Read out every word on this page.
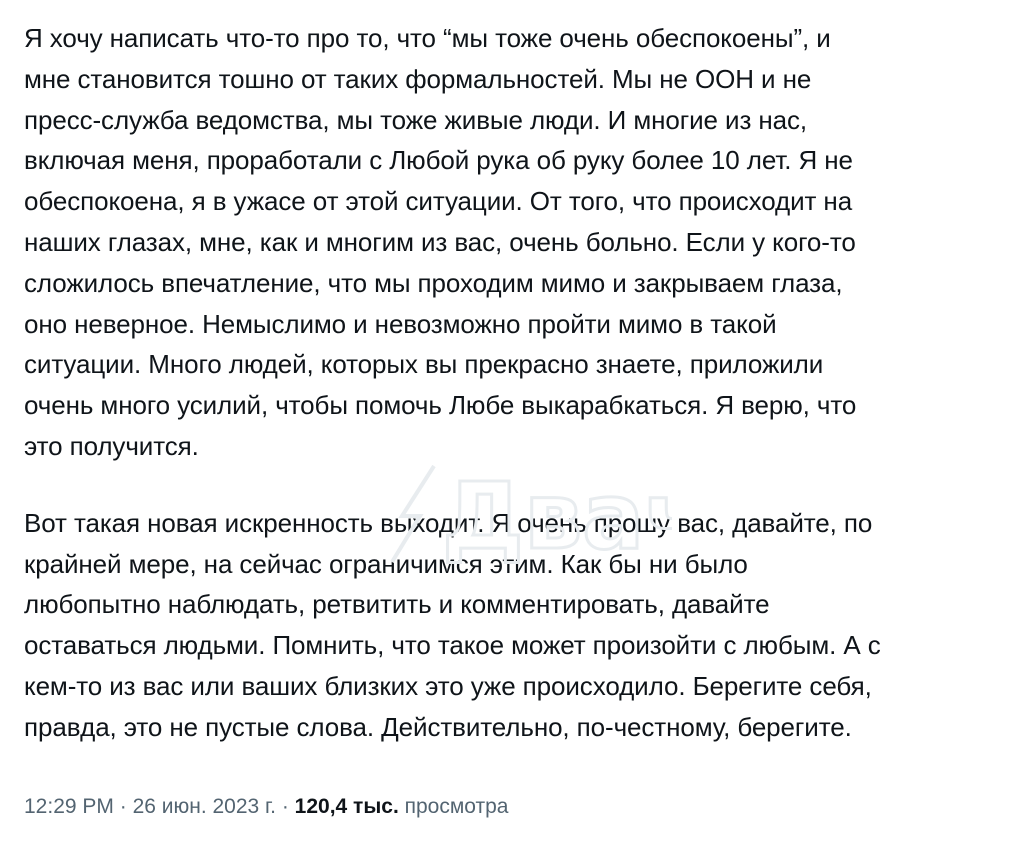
Я хочу написать что-то про то, что “мы тоже очень обеспокоены”, и
мне становится тошно от таких формальностей. Мы не ООН и не
пресс-служба ведомства, мы тоже живые люди. И многие из нас,
включая меня, проработали с Любой рука об руку более 10 лет. Я не
обеспокоена, я в ужасе от этой ситуации. От того, что происходит на
наших глазах, мне, как и многим из вас, очень больно. Если у кого-то
сложилось впечатление, что мы проходим мимо и закрываем глаза,
оно неверное. Немыслимо и невозможно пройти мимо в такой
ситуации. Много людей, которых вы прекрасно знаете, приложили
очень много усилий, чтобы помочь Любе выкарабкаться. Я верю, что
это получится.

Вот такая новая искренность выходит. Я очень прошу вас, давайте, по
крайней мере, на сейчас ограничимся этим. Как бы ни было
любопытно наблюдать, ретвитить и комментировать, давайте
оставаться людьми. Помнить, что такое может произойти с любым. А с
кем-то из вас или ваших близких это уже происходило. Берегите себя,
правда, это не пустые слова. Действительно, по-честному, берегите.

Два
12:29 PM · 26 июн. 2023 г. · 120,4 тыс. просмотра
